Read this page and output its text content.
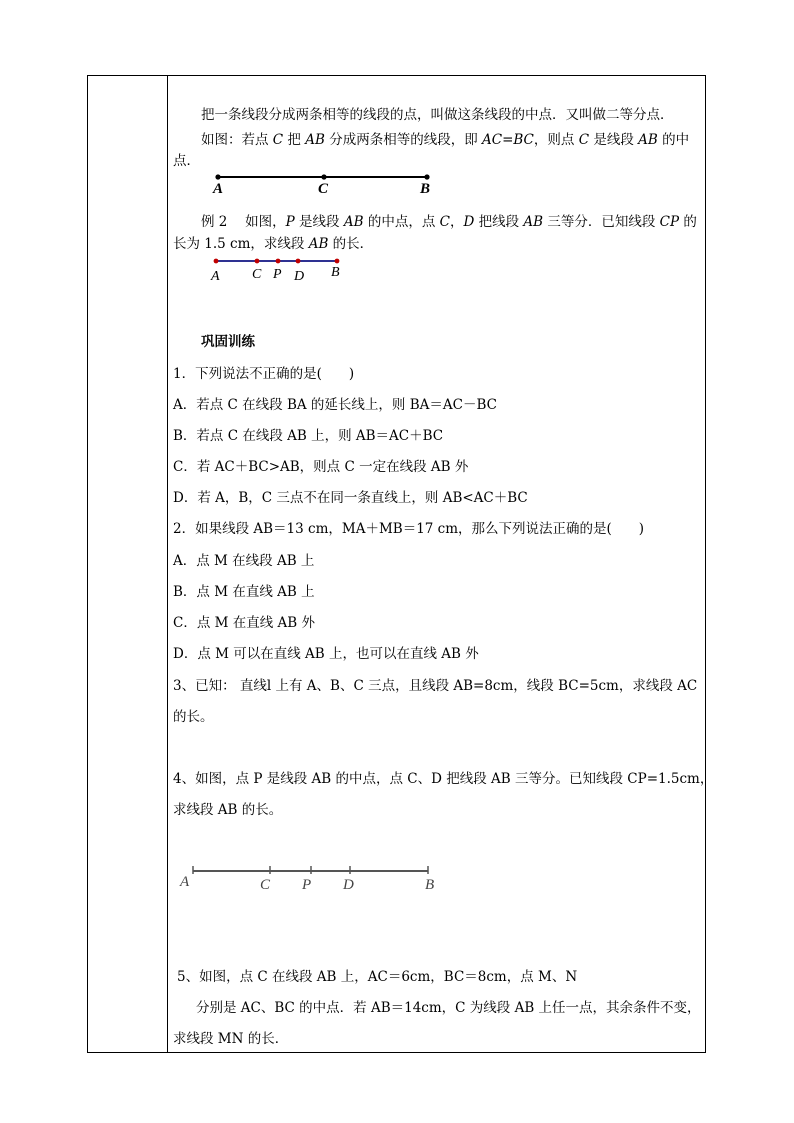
把一条线段分成两条相等的线段的点，叫做这条线段的中点．又叫做二等分点．
如图：若点 C 把 AB 分成两条相等的线段，即 AC=BC，则点 C 是线段 AB 的中
点．
A	C	B
例 2　 如图，P 是线段 AB 的中点，点 C，D 把线段 AB 三等分．已知线段 CP 的
长为 1.5 cm，求线段 AB 的长．
A C P D B
巩固训练
1．下列说法不正确的是(　　)
A．若点 C 在线段 BA 的延长线上，则 BA＝AC－BC
B．若点 C 在线段 AB 上，则 AB＝AC＋BC
C．若 AC＋BC>AB，则点 C 一定在线段 AB 外
D．若 A，B，C 三点不在同一条直线上，则 AB<AC＋BC
2．如果线段 AB＝13 cm，MA＋MB＝17 cm，那么下列说法正确的是(　　)
A．点 M 在线段 AB 上
B．点 M 在直线 AB 上
C．点 M 在直线 AB 外
D．点 M 可以在直线 AB 上，也可以在直线 AB 外
3、已知： 直线l 上有 A、B、C 三点，且线段 AB=8cm，线段 BC=5cm，求线段 AC
的长。
4、如图，点 P 是线段 AB 的中点，点 C、D 把线段 AB 三等分。已知线段 CP=1.5cm，
求线段 AB 的长。
A	C P D	B
5、如图，点 C 在线段 AB 上，AC＝6cm，BC＝8cm，点 M、N
分别是 AC、BC 的中点．若 AB＝14cm，C 为线段 AB 上任一点，其余条件不变，
求线段 MN 的长．
